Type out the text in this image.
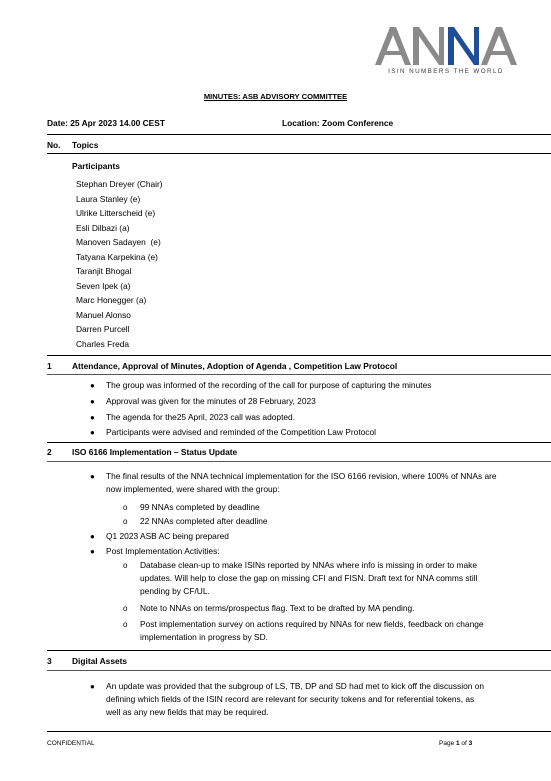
ISIN NUMBERS THE WORLD
MINUTES: ASB ADVISORY COMMITTEE
Date: 25 Apr 2023 14.00 CEST	Location: Zoom Conference
No. Topics
Participants
Stephan Dreyer (Chair)
Laura Stanley (e)
Ulrike Litterscheid (e)
Esli Dilbazi (a)
Manoven Sadayen  (e)
Tatyana Karpekina (e)
Taranjit Bhogal
Seven Ipek (a)
Marc Honegger (a)
Manuel Alonso
Darren Purcell
Charles Freda
1 Attendance, Approval of Minutes, Adoption of Agenda , Competition Law Protocol
● The group was informed of the recording of the call for purpose of capturing the minutes
● Approval was given for the minutes of 28 February, 2023
● The agenda for the25 April, 2023 call was adopted.
● Participants were advised and reminded of the Competition Law Protocol
2 ISO 6166 Implementation – Status Update
● The final results of the NNA technical implementation for the ISO 6166 revision, where 100% of NNAs are
now implemented, were shared with the group:
o 99 NNAs completed by deadline
o 22 NNAs completed after deadline
● Q1 2023 ASB AC being prepared
● Post Implementation Activities:
o Database clean-up to make ISINs reported by NNAs where info is missing in order to make
updates. Will help to close the gap on missing CFI and FISN. Draft text for NNA comms still
pending by CF/UL.
o Note to NNAs on terms/prospectus flag. Text to be drafted by MA pending.
o Post implementation survey on actions required by NNAs for new fields, feedback on change
implementation in progress by SD.
3 Digital Assets
● An update was provided that the subgroup of LS, TB, DP and SD had met to kick off the discussion on
defining which fields of the ISIN record are relevant for security tokens and for referential tokens, as
well as any new fields that may be required.
CONFIDENTIAL	Page 1 of 3
